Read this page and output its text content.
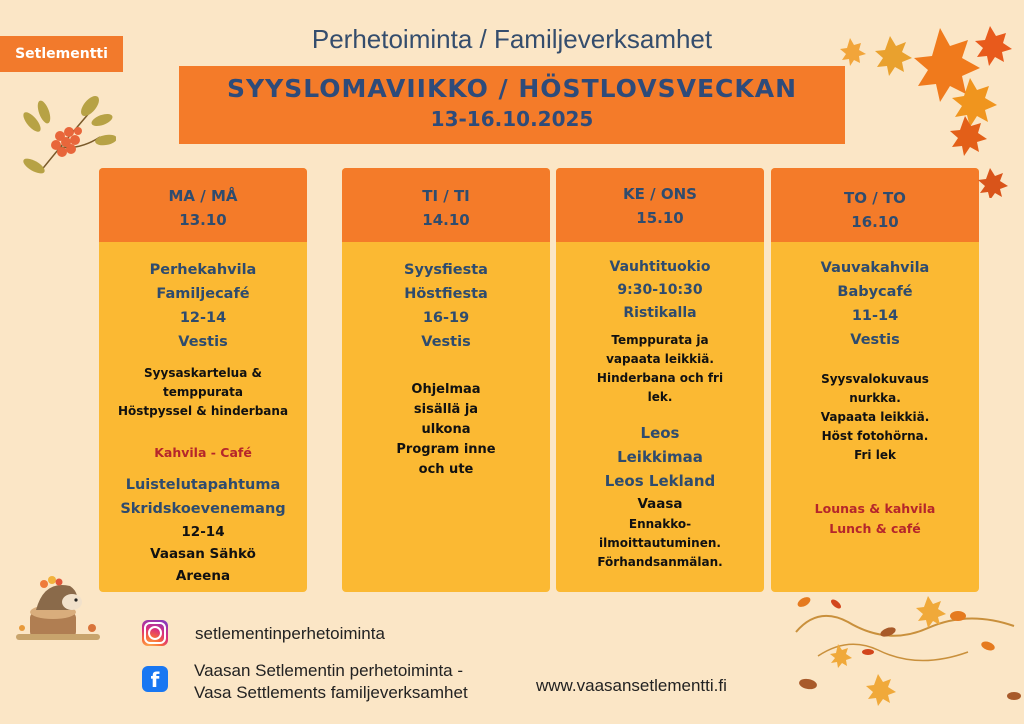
Setlementti	Perhetoiminta / Familjeverksamhet
SYYSLOMAVIIKKO / HÖSTLOVSVECKAN
13-16.10.2025
MA / MÅ
13.10
Perhekahvila
Familjecafé
12-14
Vestis
Syysaskartelua &
temppurata
Höstpyssel & hinderbana
Kahvila - Café
Luistelutapahtuma
Skridskoevenemang
12-14
Vaasan Sähkö
Areena
TI / TI
14.10
Syysfiesta
Höstfiesta
16-19
Vestis
Ohjelmaa
sisällä ja
ulkona
Program inne
och ute
KE / ONS
15.10
Vauhtituokio
9:30-10:30
Ristikalla
Temppurata ja
vapaata leikkiä.
Hinderbana och fri
lek.
Leos
Leikkimaa
Leos Lekland
Vaasa
Ennakko-
ilmoittautuminen.
Förhandsanmälan.
TO / TO
16.10
Vauvakahvila
Babycafé
11-14
Vestis
Syysvalokuvaus
nurkka.
Vapaata leikkiä.
Höst fotohörna.
Fri lek
Lounas & kahvila
Lunch & café
setlementinperhetoiminta
f	Vaasan Setlementin perhetoiminta -
Vasa Settlements familjeverksamhet	www.vaasansetlementti.fi
